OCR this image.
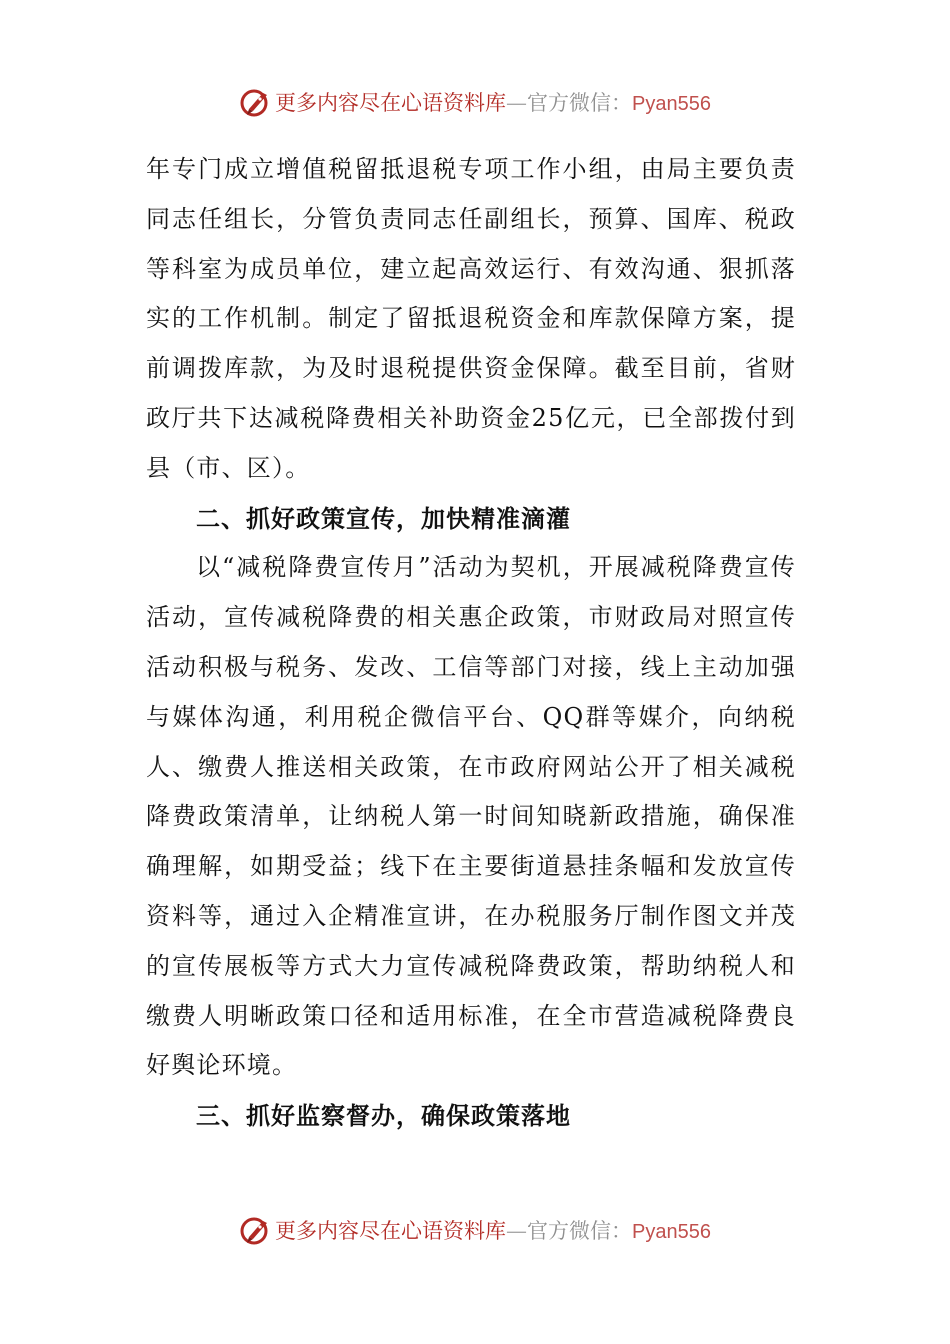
更多内容尽在心语资料库—官方微信：Pyan556

年专门成立增值税留抵退税专项工作小组，由局主要负责同志任组长，分管负责同志任副组长，预算、国库、税政等科室为成员单位，建立起高效运行、有效沟通、狠抓落实的工作机制。制定了留抵退税资金和库款保障方案，提前调拨库款，为及时退税提供资金保障。截至目前，省财政厅共下达减税降费相关补助资金25亿元，已全部拨付到县（市、区）。

二、抓好政策宣传，加快精准滴灌

以“减税降费宣传月”活动为契机，开展减税降费宣传活动，宣传减税降费的相关惠企政策，市财政局对照宣传活动积极与税务、发改、工信等部门对接，线上主动加强与媒体沟通，利用税企微信平台、QQ群等媒介，向纳税人、缴费人推送相关政策，在市政府网站公开了相关减税降费政策清单，让纳税人第一时间知晓新政措施，确保准确理解，如期受益；线下在主要街道悬挂条幅和发放宣传资料等，通过入企精准宣讲，在办税服务厅制作图文并茂的宣传展板等方式大力宣传减税降费政策，帮助纳税人和缴费人明晰政策口径和适用标准，在全市营造减税降费良好舆论环境。

三、抓好监察督办，确保政策落地

更多内容尽在心语资料库—官方微信：Pyan556
